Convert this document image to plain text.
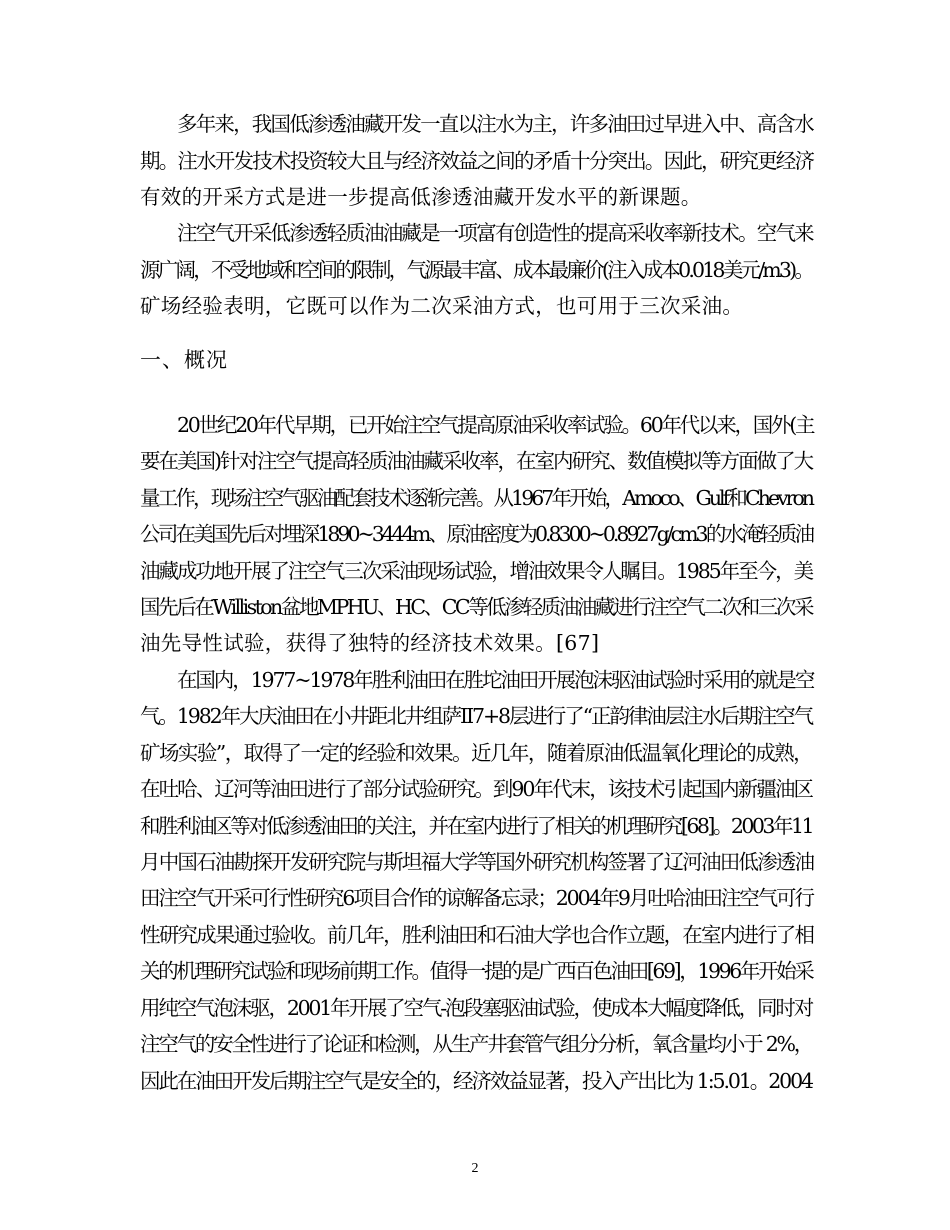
多年来，我国低渗透油藏开发一直以注水为主，许多油田过早进入中、高含水
期。注水开发技术投资较大且与经济效益之间的矛盾十分突出。因此，研究更经济
有效的开采方式是进一步提高低渗透油藏开发水平的新课题。
注空气开采低渗透轻质油油藏是一项富有创造性的提高采收率新技术。空气来
源广阔，不受地域和空间的限制，气源最丰富、成本最廉价(注入成本0.018美元/m3)。
矿场经验表明，它既可以作为二次采油方式，也可用于三次采油。
一、概况
20世纪20年代早期，已开始注空气提高原油采收率试验。60年代以来，国外(主
要在美国)针对注空气提高轻质油油藏采收率，在室内研究、数值模拟等方面做了大
量工作，现场注空气驱油配套技术逐渐完善。从1967年开始，Amoco、Gulf和Chevron
公司在美国先后对埋深1890~3444m、原油密度为0.8300~0.8927g/cm3的水淹轻质油
油藏成功地开展了注空气三次采油现场试验，增油效果令人瞩目。1985年至今，美
国先后在Williston盆地MPHU、HC、CC等低渗轻质油油藏进行注空气二次和三次采
油先导性试验，获得了独特的经济技术效果。[67]
在国内，1977~1978年胜利油田在胜坨油田开展泡沫驱油试验时采用的就是空
气。1982年大庆油田在小井距北井组萨II7+8层进行了“正韵律油层注水后期注空气
矿场实验”，取得了一定的经验和效果。近几年，随着原油低温氧化理论的成熟，
在吐哈、辽河等油田进行了部分试验研究。到90年代末，该技术引起国内新疆油区
和胜利油区等对低渗透油田的关注，并在室内进行了相关的机理研究[68]。2003年11
月中国石油勘探开发研究院与斯坦福大学等国外研究机构签署了辽河油田低渗透油
田注空气开采可行性研究6项目合作的谅解备忘录；2004年9月吐哈油田注空气可行
性研究成果通过验收。前几年，胜利油田和石油大学也合作立题，在室内进行了相
关的机理研究试验和现场前期工作。值得一提的是广西百色油田[69]，1996年开始采
用纯空气泡沫驱，2001年开展了空气-泡段塞驱油试验，使成本大幅度降低，同时对
注空气的安全性进行了论证和检测，从生产井套管气组分分析，氧含量均小于 2%，
因此在油田开发后期注空气是安全的，经济效益显著，投入产出比为 1:5.01。2004
2
